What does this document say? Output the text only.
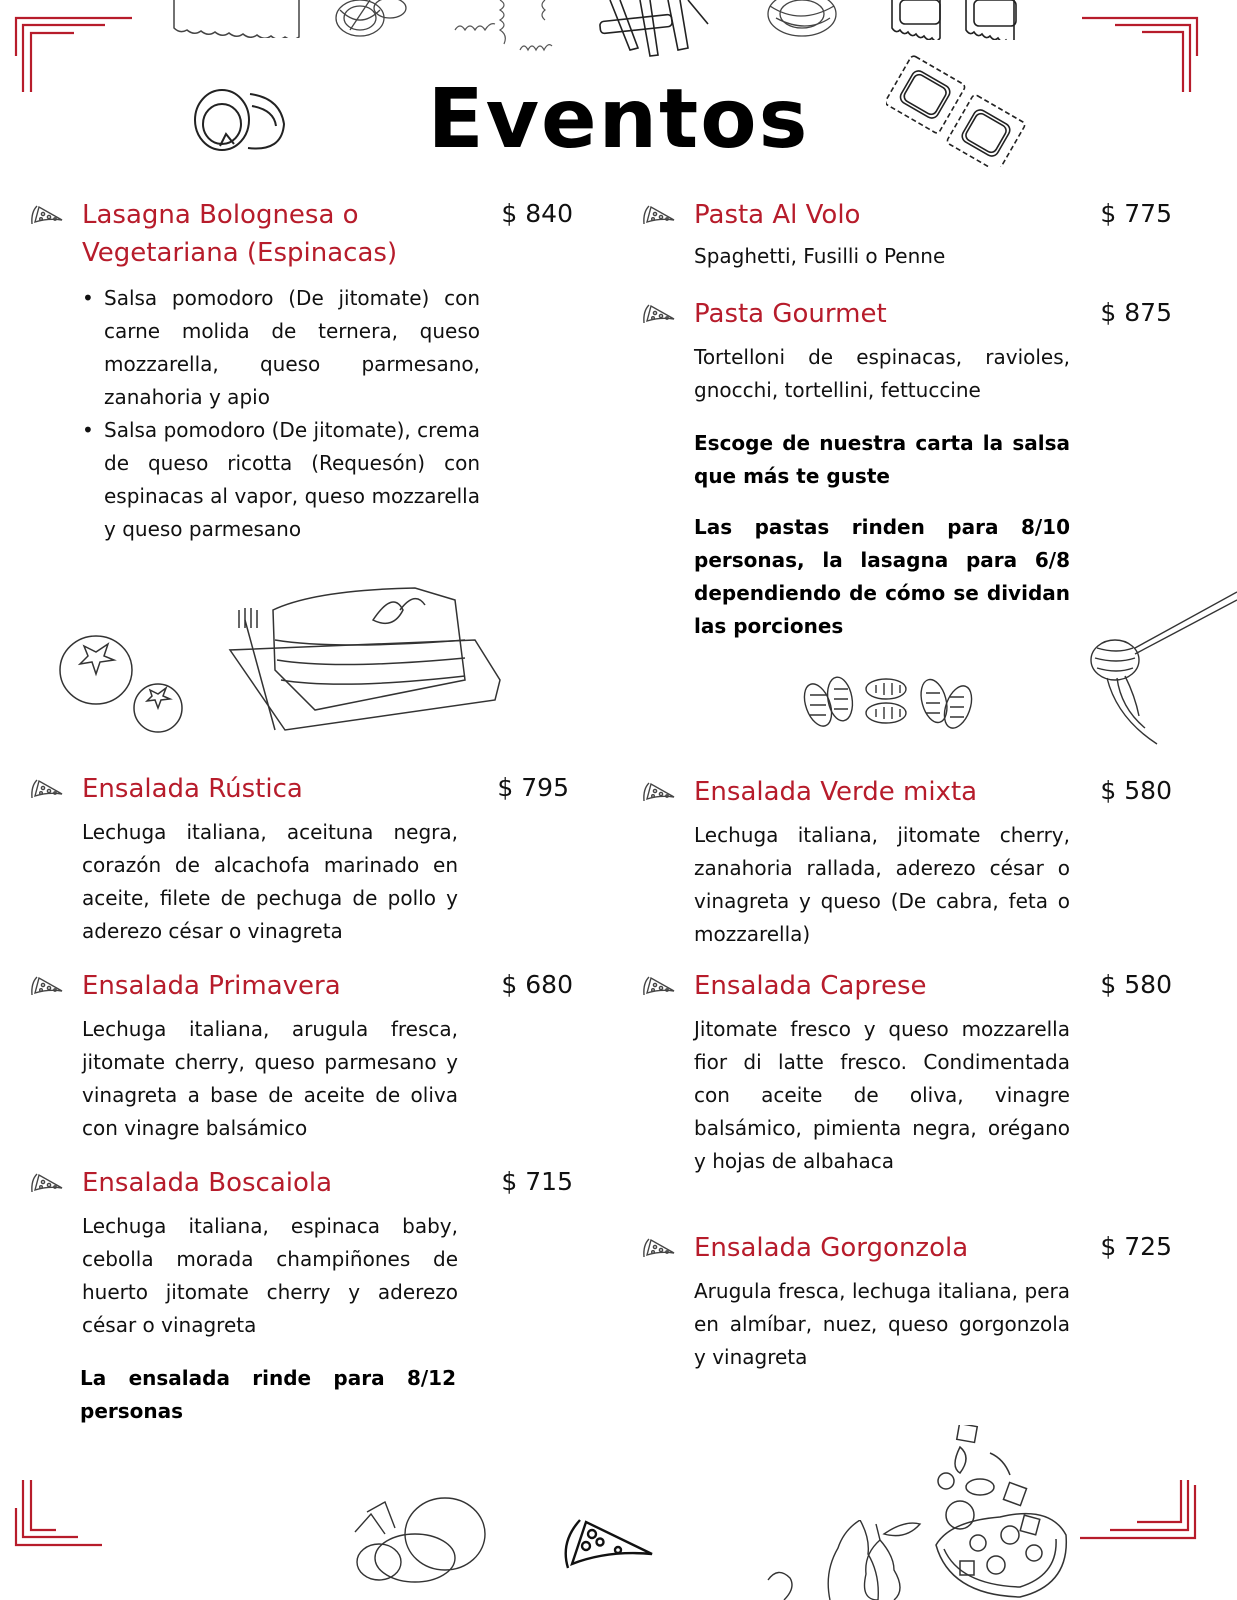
Eventos
Lasagna Bolognesa o
Vegetariana (Espinacas)
$ 840
• Salsa pomodoro (De jitomate) con carne molida de ternera, queso mozzarella, queso parmesano, zanahoria y apio
• Salsa pomodoro (De jitomate), crema de queso ricotta (Requesón) con espinacas al vapor, queso mozzarella y queso parmesano
Ensalada Rústica	$ 795

Lechuga italiana, aceituna negra, corazón de alcachofa marinado en aceite, filete de pechuga de pollo y aderezo césar o vinagreta

Ensalada Primavera	$ 680

Lechuga italiana, arugula fresca, jitomate cherry, queso parmesano y vinagreta a base de aceite de oliva con vinagre balsámico

Ensalada Boscaiola	$ 715

Lechuga italiana, espinaca baby, cebolla morada champiñones de huerto jitomate cherry y aderezo césar o vinagreta

La ensalada rinde para 8/12 personas

Pasta Al Volo	$ 775

Spaghetti, Fusilli o Penne

Pasta Gourmet	$ 875

Tortelloni de espinacas, ravioles, gnocchi, tortellini, fettuccine

Escoge de nuestra carta la salsa que más te guste

Las pastas rinden para 8/10 personas, la lasagna para 6/8 dependiendo de cómo se dividan las porciones

Ensalada Verde mixta	$ 580

Lechuga italiana, jitomate cherry, zanahoria rallada, aderezo césar o vinagreta y queso (De cabra, feta o mozzarella)

Ensalada Caprese	$ 580

Jitomate fresco y queso mozzarella fior di latte fresco. Condimentada con aceite de oliva, vinagre balsámico, pimienta negra, orégano y hojas de albahaca

Ensalada Gorgonzola	$ 725

Arugula fresca, lechuga italiana, pera en almíbar, nuez, queso gorgonzola y vinagreta
